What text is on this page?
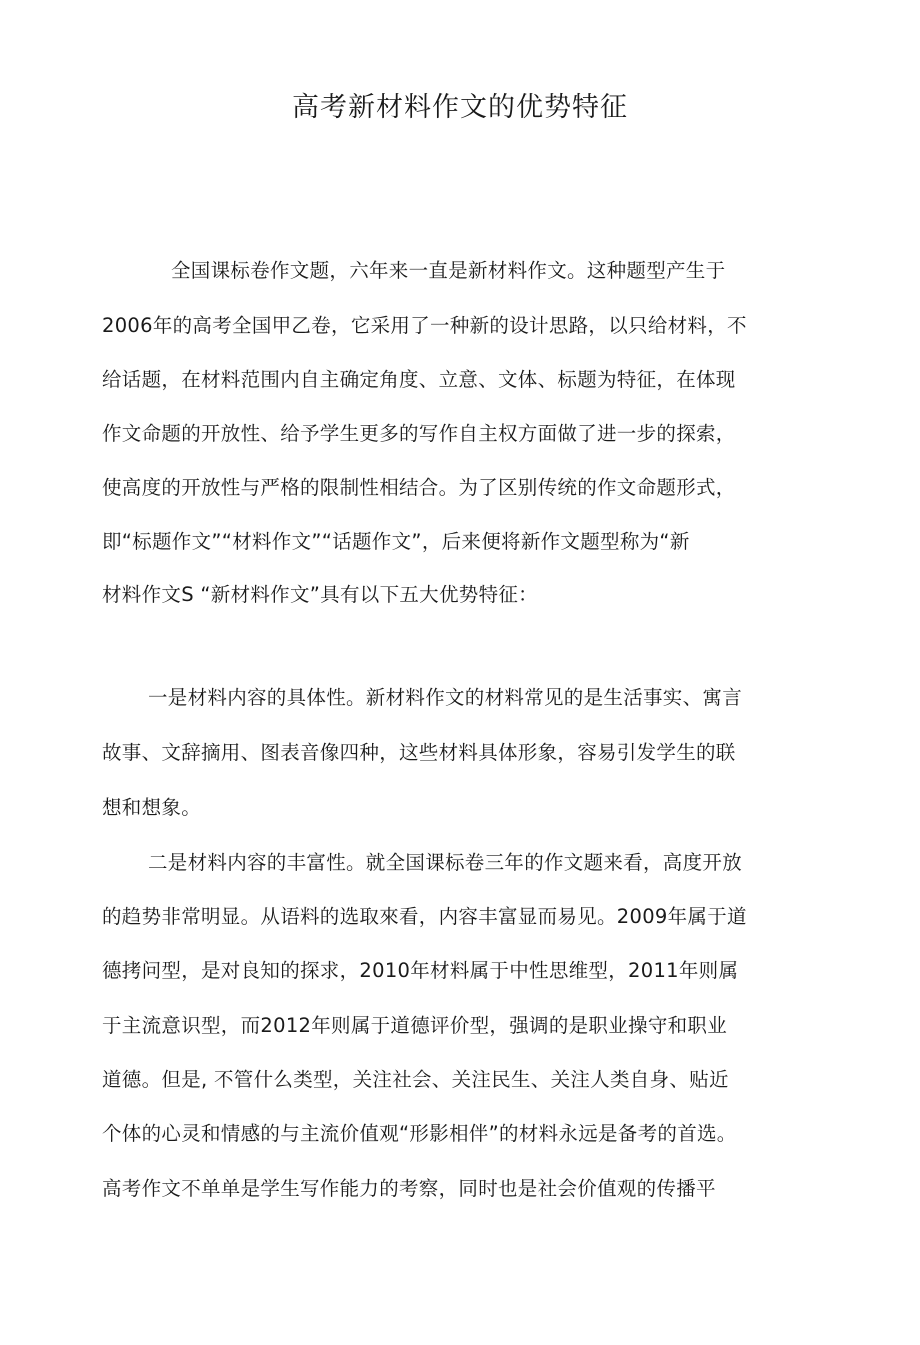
高考新材料作文的优势特征
全国课标卷作文题，六年来一直是新材料作文。这种题型产生于
2006年的高考全国甲乙卷，它采用了一种新的设计思路，以只给材料，不
给话题，在材料范围内自主确定角度、立意、文体、标题为特征，在体现
作文命题的开放性、给予学生更多的写作自主权方面做了进一步的探索，
使高度的开放性与严格的限制性相结合。为了区别传统的作文命题形式，
即“标题作文”“材料作文”“话题作文”，后来便将新作文题型称为“新
材料作文S “新材料作文”具有以下五大优势特征：
一是材料内容的具体性。新材料作文的材料常见的是生活事实、寓言
故事、文辞摘用、图表音像四种，这些材料具体形象，容易引发学生的联
想和想象。
二是材料内容的丰富性。就全国课标卷三年的作文题来看，高度开放
的趋势非常明显。从语料的选取來看，内容丰富显而易见。2009年属于道
德拷问型，是对良知的探求，2010年材料属于中性思维型，2011年则属
于主流意识型，而2012年则属于道德评价型，强调的是职业操守和职业
道德。但是, 不管什么类型，关注社会、关注民生、关注人类自身、贴近
个体的心灵和情感的与主流价值观“形影相伴”的材料永远是备考的首选。
高考作文不单单是学生写作能力的考察，同时也是社会价值观的传播平
